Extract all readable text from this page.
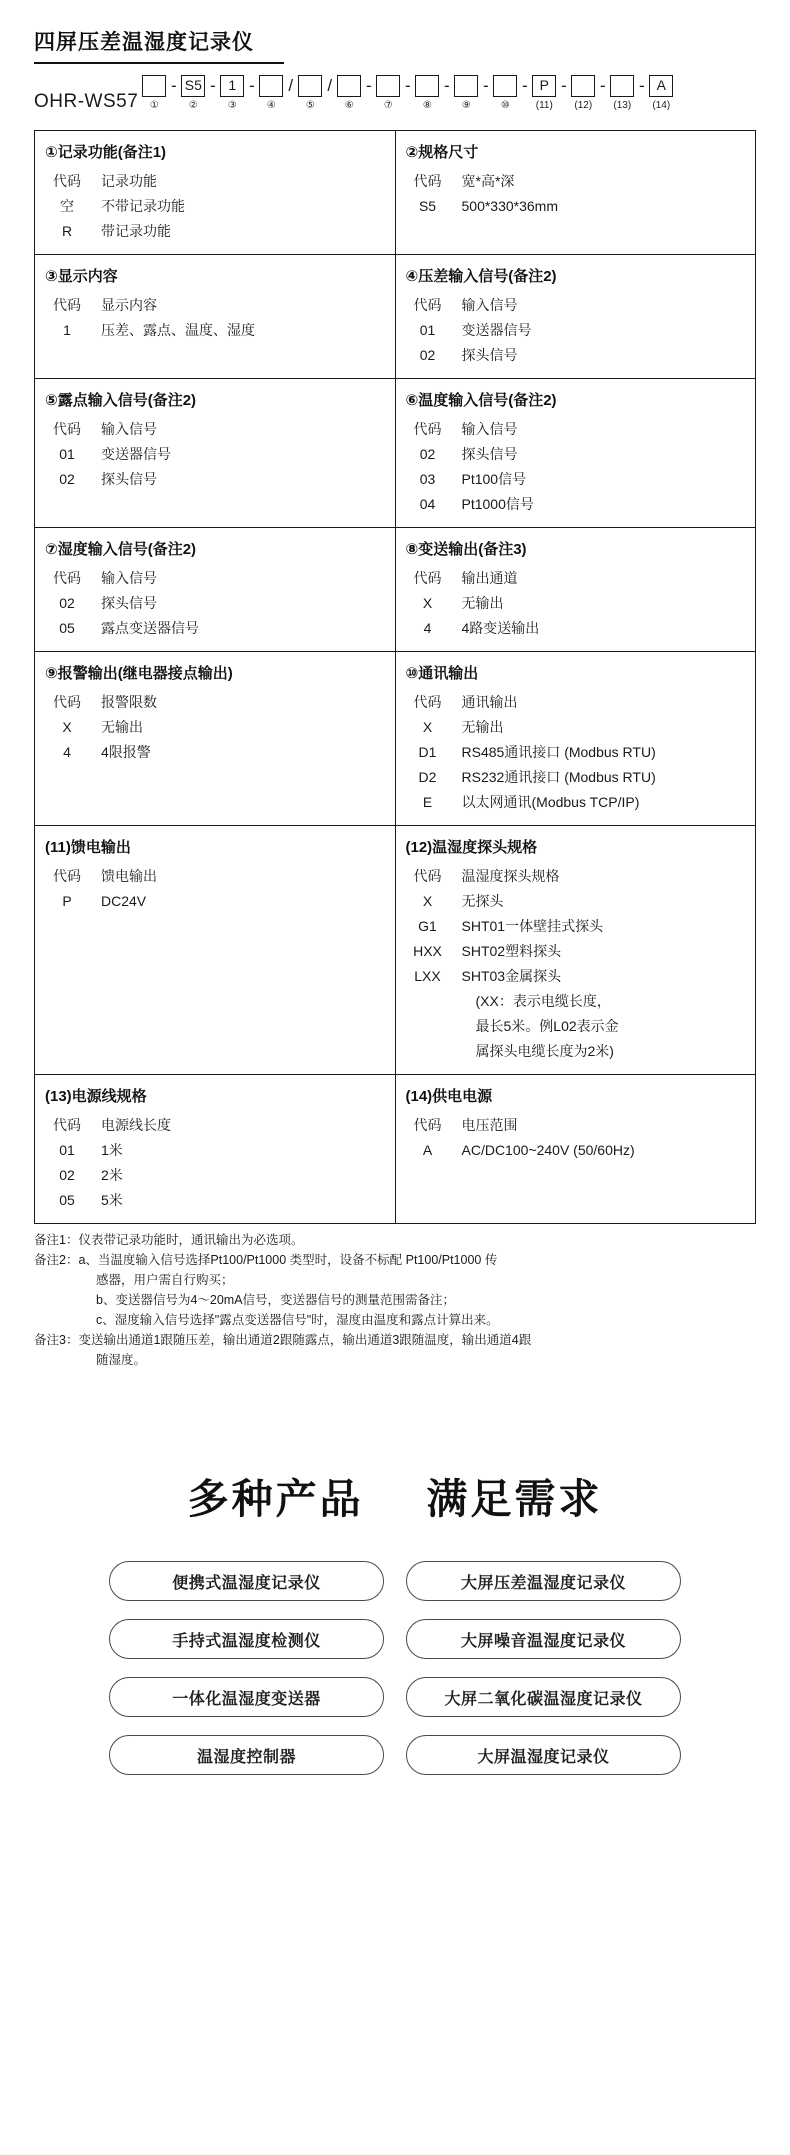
四屏压差温湿度记录仪
OHR-WS57 ①
- S5
②
- 1
③
-
④
/
⑤
/
⑥
-
⑦
-
⑧
-
⑨
-
⑩
- P
(11)
-
(12)
-
(13)
- A
(14)
①记录功能(备注1)
代码	记录功能
空	不带记录功能
R	带记录功能

②规格尺寸
代码	宽*高*深
S5	500*330*36mm

③显示内容
代码	显示内容
1	压差、露点、温度、湿度

④压差输入信号(备注2)
代码	输入信号
01	变送器信号
02	探头信号

⑤露点输入信号(备注2)
代码	输入信号
01	变送器信号
02	探头信号

⑥温度输入信号(备注2)
代码	输入信号
02	探头信号
03	Pt100信号
04	Pt1000信号

⑦湿度输入信号(备注2)
代码	输入信号
02	探头信号
05	露点变送器信号

⑧变送输出(备注3)
代码	输出通道
X	无输出
4	4路变送输出

⑨报警输出(继电器接点输出)
代码	报警限数
X	无输出
4	4限报警

⑩通讯输出
代码	通讯输出
X	无输出
D1	RS485通讯接口 (Modbus RTU)
D2	RS232通讯接口 (Modbus RTU)
E	以太网通讯(Modbus TCP/IP)

(11)馈电输出
代码	馈电输出
P	DC24V

(12)温湿度探头规格
代码	温湿度探头规格
X	无探头
G1	SHT01一体壁挂式探头
HXX	SHT02塑料探头
LXX	SHT03金属探头
(XX：表示电缆长度，
最长5米。例L02表示金
属探头电缆长度为2米)

(13)电源线规格
代码	电源线长度
01	1米
02	2米
05	5米

(14)供电电源
代码	电压范围
A	AC/DC100~240V (50/60Hz)
备注1：仪表带记录功能时，通讯输出为必选项。
备注2：a、当温度输入信号选择Pt100/Pt1000 类型时，设备不标配 Pt100/Pt1000 传
感器，用户需自行购买；
b、变送器信号为4～20mA信号，变送器信号的测量范围需备注；
c、湿度输入信号选择"露点变送器信号"时，湿度由温度和露点计算出来。
备注3：变送输出通道1跟随压差，输出通道2跟随露点，输出通道3跟随温度，输出通道4跟
随湿度。
多种产品 满足需求
便携式温湿度记录仪	大屏压差温湿度记录仪
手持式温湿度检测仪	大屏噪音温湿度记录仪
一体化温湿度变送器	大屏二氧化碳温湿度记录仪
温湿度控制器	大屏温湿度记录仪
